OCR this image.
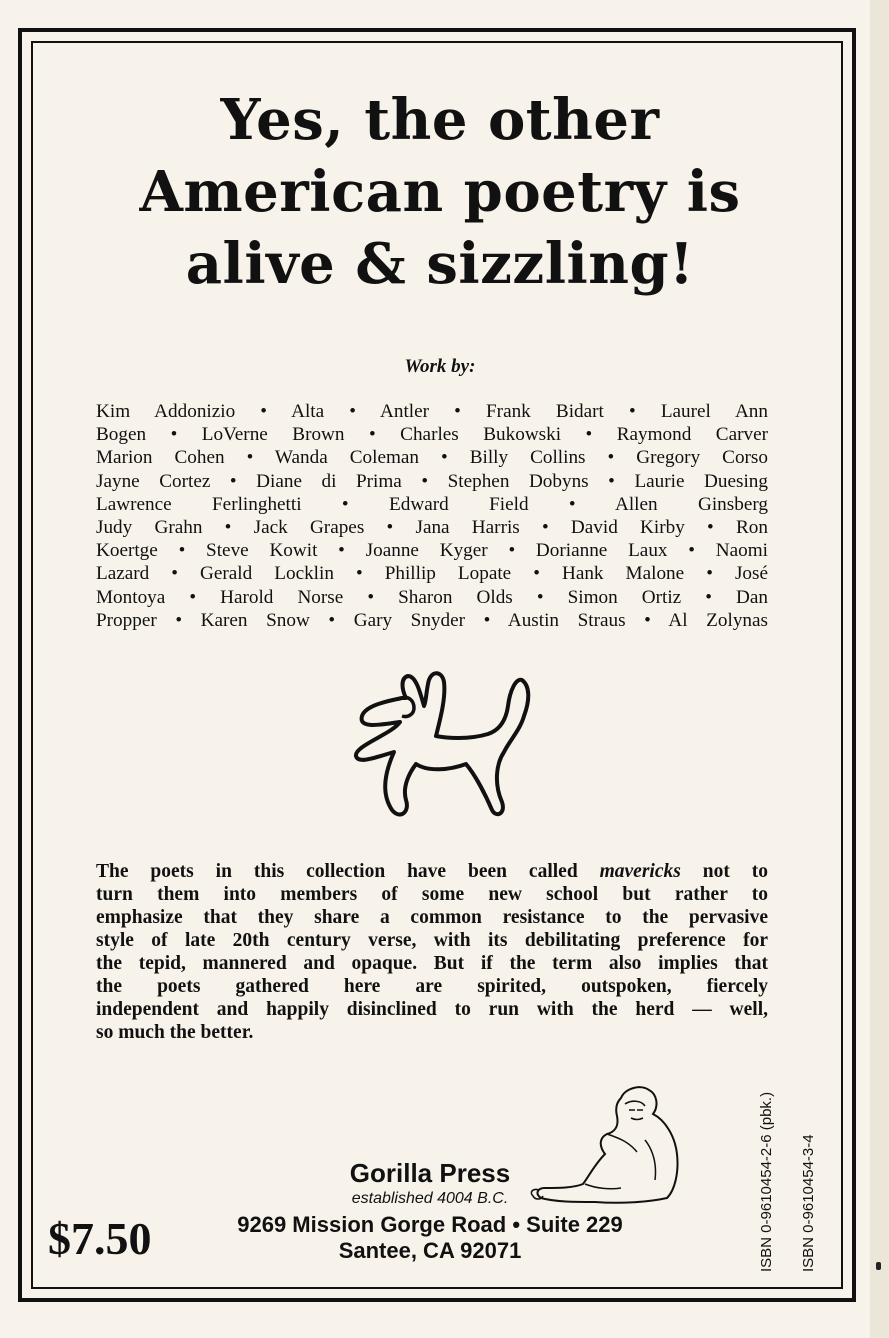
Yes, the other
American poetry is
alive & sizzling!
Work by:
Kim Addonizio • Alta • Antler • Frank Bidart • Laurel Ann
Bogen • LoVerne Brown • Charles Bukowski • Raymond Carver
Marion Cohen • Wanda Coleman • Billy Collins • Gregory Corso
Jayne Cortez • Diane di Prima • Stephen Dobyns • Laurie Duesing
Lawrence Ferlinghetti • Edward Field • Allen Ginsberg
Judy Grahn • Jack Grapes • Jana Harris • David Kirby • Ron
Koertge • Steve Kowit • Joanne Kyger • Dorianne Laux • Naomi
Lazard • Gerald Locklin • Phillip Lopate • Hank Malone • José
Montoya • Harold Norse • Sharon Olds • Simon Ortiz • Dan
Propper • Karen Snow • Gary Snyder • Austin Straus • Al Zolynas
The poets in this collection have been called mavericks not to
turn them into members of some new school but rather to
emphasize that they share a common resistance to the pervasive
style of late 20th century verse, with its debilitating preference for
the tepid, mannered and opaque. But if the term also implies that
the poets gathered here are spirited, outspoken, fiercely
independent and happily disinclined to run with the herd — well,
so much the better.
Gorilla Press
established 4004 B.C.
9269 Mission Gorge Road • Suite 229
Santee, CA 92071
$7.50	ISBN 0-9610454-2-6 (pbk.) ISBN 0-9610454-3-4
